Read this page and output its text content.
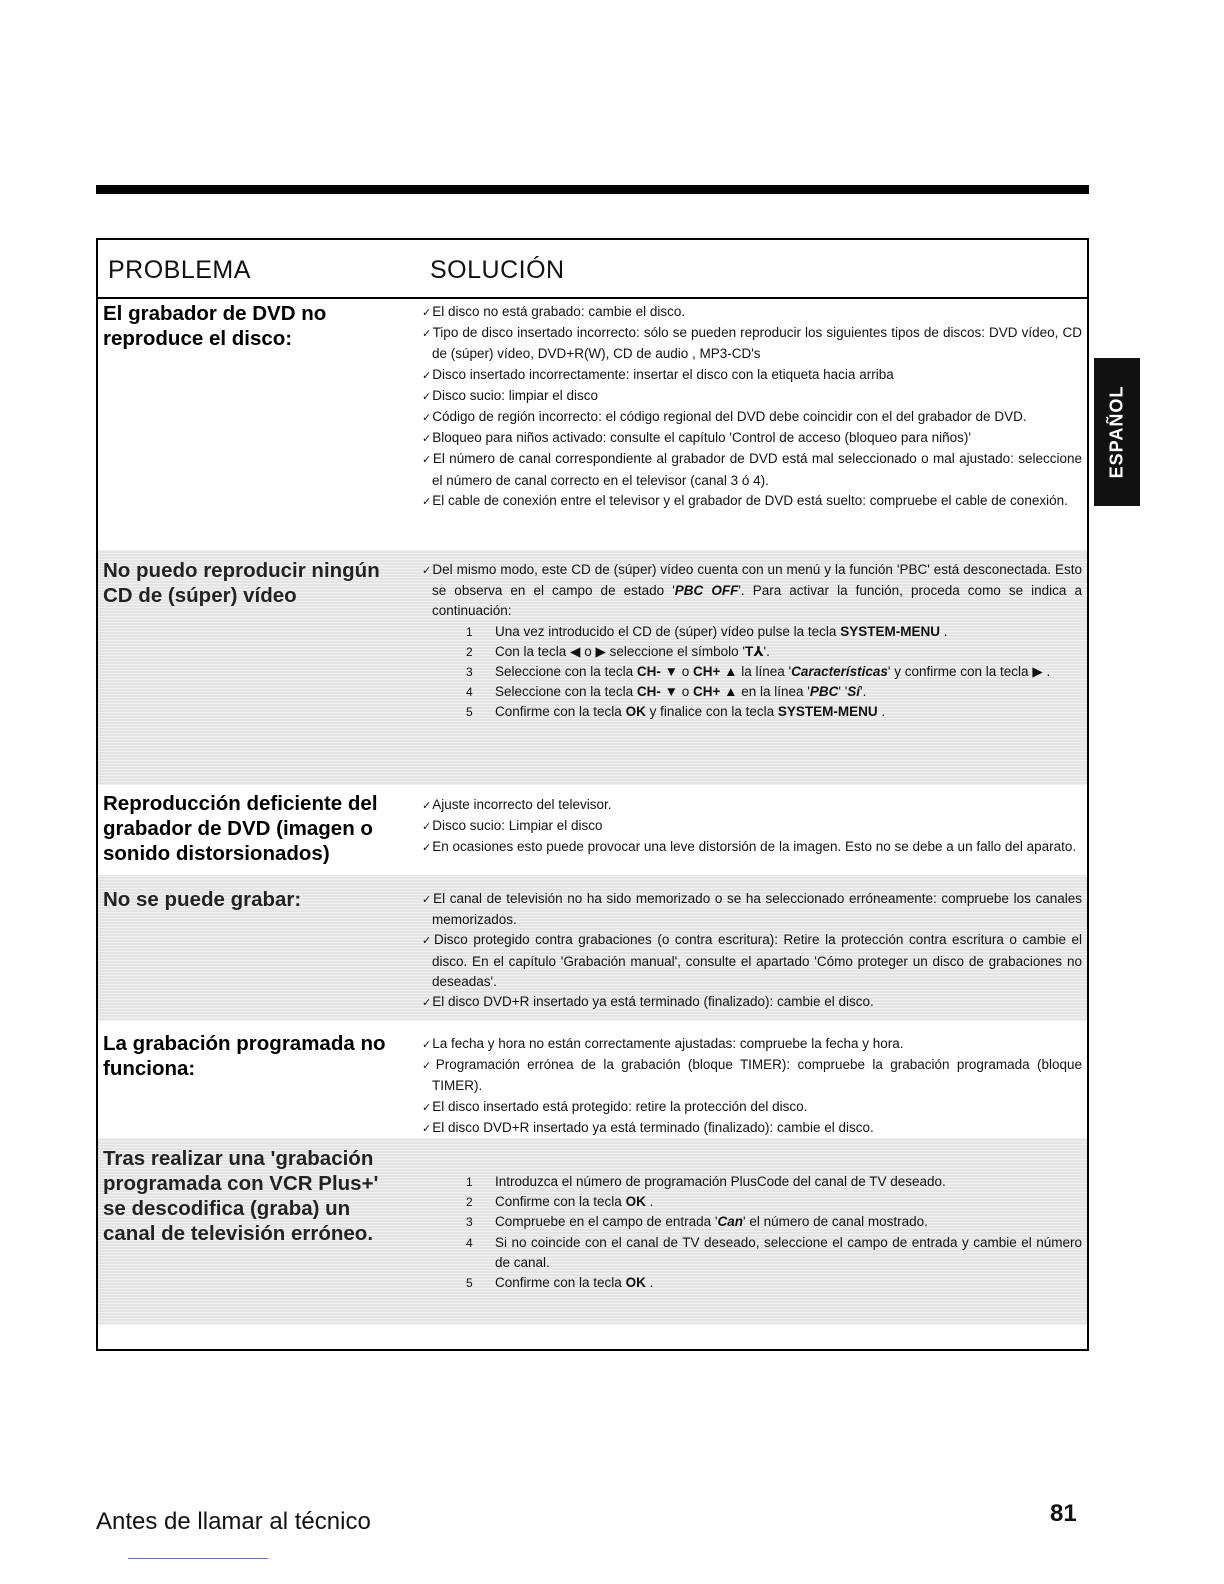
PROBLEMA	SOLUCIÓN
El grabador de DVD no reproduce el disco:
✓ El disco no está grabado: cambie el disco.
✓ Tipo de disco insertado incorrecto: sólo se pueden reproducir los siguientes tipos de discos: DVD vídeo, CD de (súper) vídeo, DVD+R(W), CD de audio , MP3-CD's
✓ Disco insertado incorrectamente: insertar el disco con la etiqueta hacia arriba
✓ Disco sucio: limpiar el disco
✓ Código de región incorrecto: el código regional del DVD debe coincidir con el del grabador de DVD.
✓ Bloqueo para niños activado: consulte el capítulo 'Control de acceso (bloqueo para niños)'
✓ El número de canal correspondiente al grabador de DVD está mal seleccionado o mal ajustado: seleccione el número de canal correcto en el televisor (canal 3 ó 4).
✓ El cable de conexión entre el televisor y el grabador de DVD está suelto: compruebe el cable de conexión.
No puedo reproducir ningún CD de (súper) vídeo
✓ Del mismo modo, este CD de (súper) vídeo cuenta con un menú y la función 'PBC' está desconectada. Esto se observa en el campo de estado 'PBC OFF'. Para activar la función, proceda como se indica a continuación:
1 Una vez introducido el CD de (súper) vídeo pulse la tecla SYSTEM-MENU .
2 Con la tecla ◀ o ▶ seleccione el símbolo 'T⅄'.
3 Seleccione con la tecla CH- ▼ o CH+ ▲ la línea 'Características' y confirme con la tecla ▶ .
4 Seleccione con la tecla CH- ▼ o CH+ ▲ en la línea 'PBC' 'Sí'.
5 Confirme con la tecla OK y finalice con la tecla SYSTEM-MENU .
Reproducción deficiente del grabador de DVD (imagen o sonido distorsionados)
✓ Ajuste incorrecto del televisor.
✓ Disco sucio: Limpiar el disco
✓ En ocasiones esto puede provocar una leve distorsión de la imagen. Esto no se debe a un fallo del aparato.
No se puede grabar:
✓	El canal de televisión no ha sido memorizado o se ha seleccionado erróneamente: compruebe los canales memorizados.
✓ Disco protegido contra grabaciones (o contra escritura): Retire la protección contra escritura o cambie el disco. En el capítulo 'Grabación manual', consulte el apartado 'Cómo proteger un disco de grabaciones no deseadas'.
✓ El disco DVD+R insertado ya está terminado (finalizado): cambie el disco.
La grabación programada no funciona:
✓ La fecha y hora no están correctamente ajustadas: compruebe la fecha y hora.
✓ Programación errónea de la grabación (bloque TIMER): compruebe la grabación programada (bloque TIMER).
✓ El disco insertado está protegido: retire la protección del disco.
✓ El disco DVD+R insertado ya está terminado (finalizado): cambie el disco.
Tras realizar una 'grabación programada con VCR Plus+' se descodifica (graba) un canal de televisión erróneo.
1 Introduzca el número de programación PlusCode del canal de TV deseado.
2 Confirme con la tecla OK .
3 Compruebe en el campo de entrada 'Can' el número de canal mostrado.
4 Si no coincide con el canal de TV deseado, seleccione el campo de entrada y cambie el número de canal.
5 Confirme con la tecla OK .
ESPAÑOL
Antes de llamar al técnico	81
